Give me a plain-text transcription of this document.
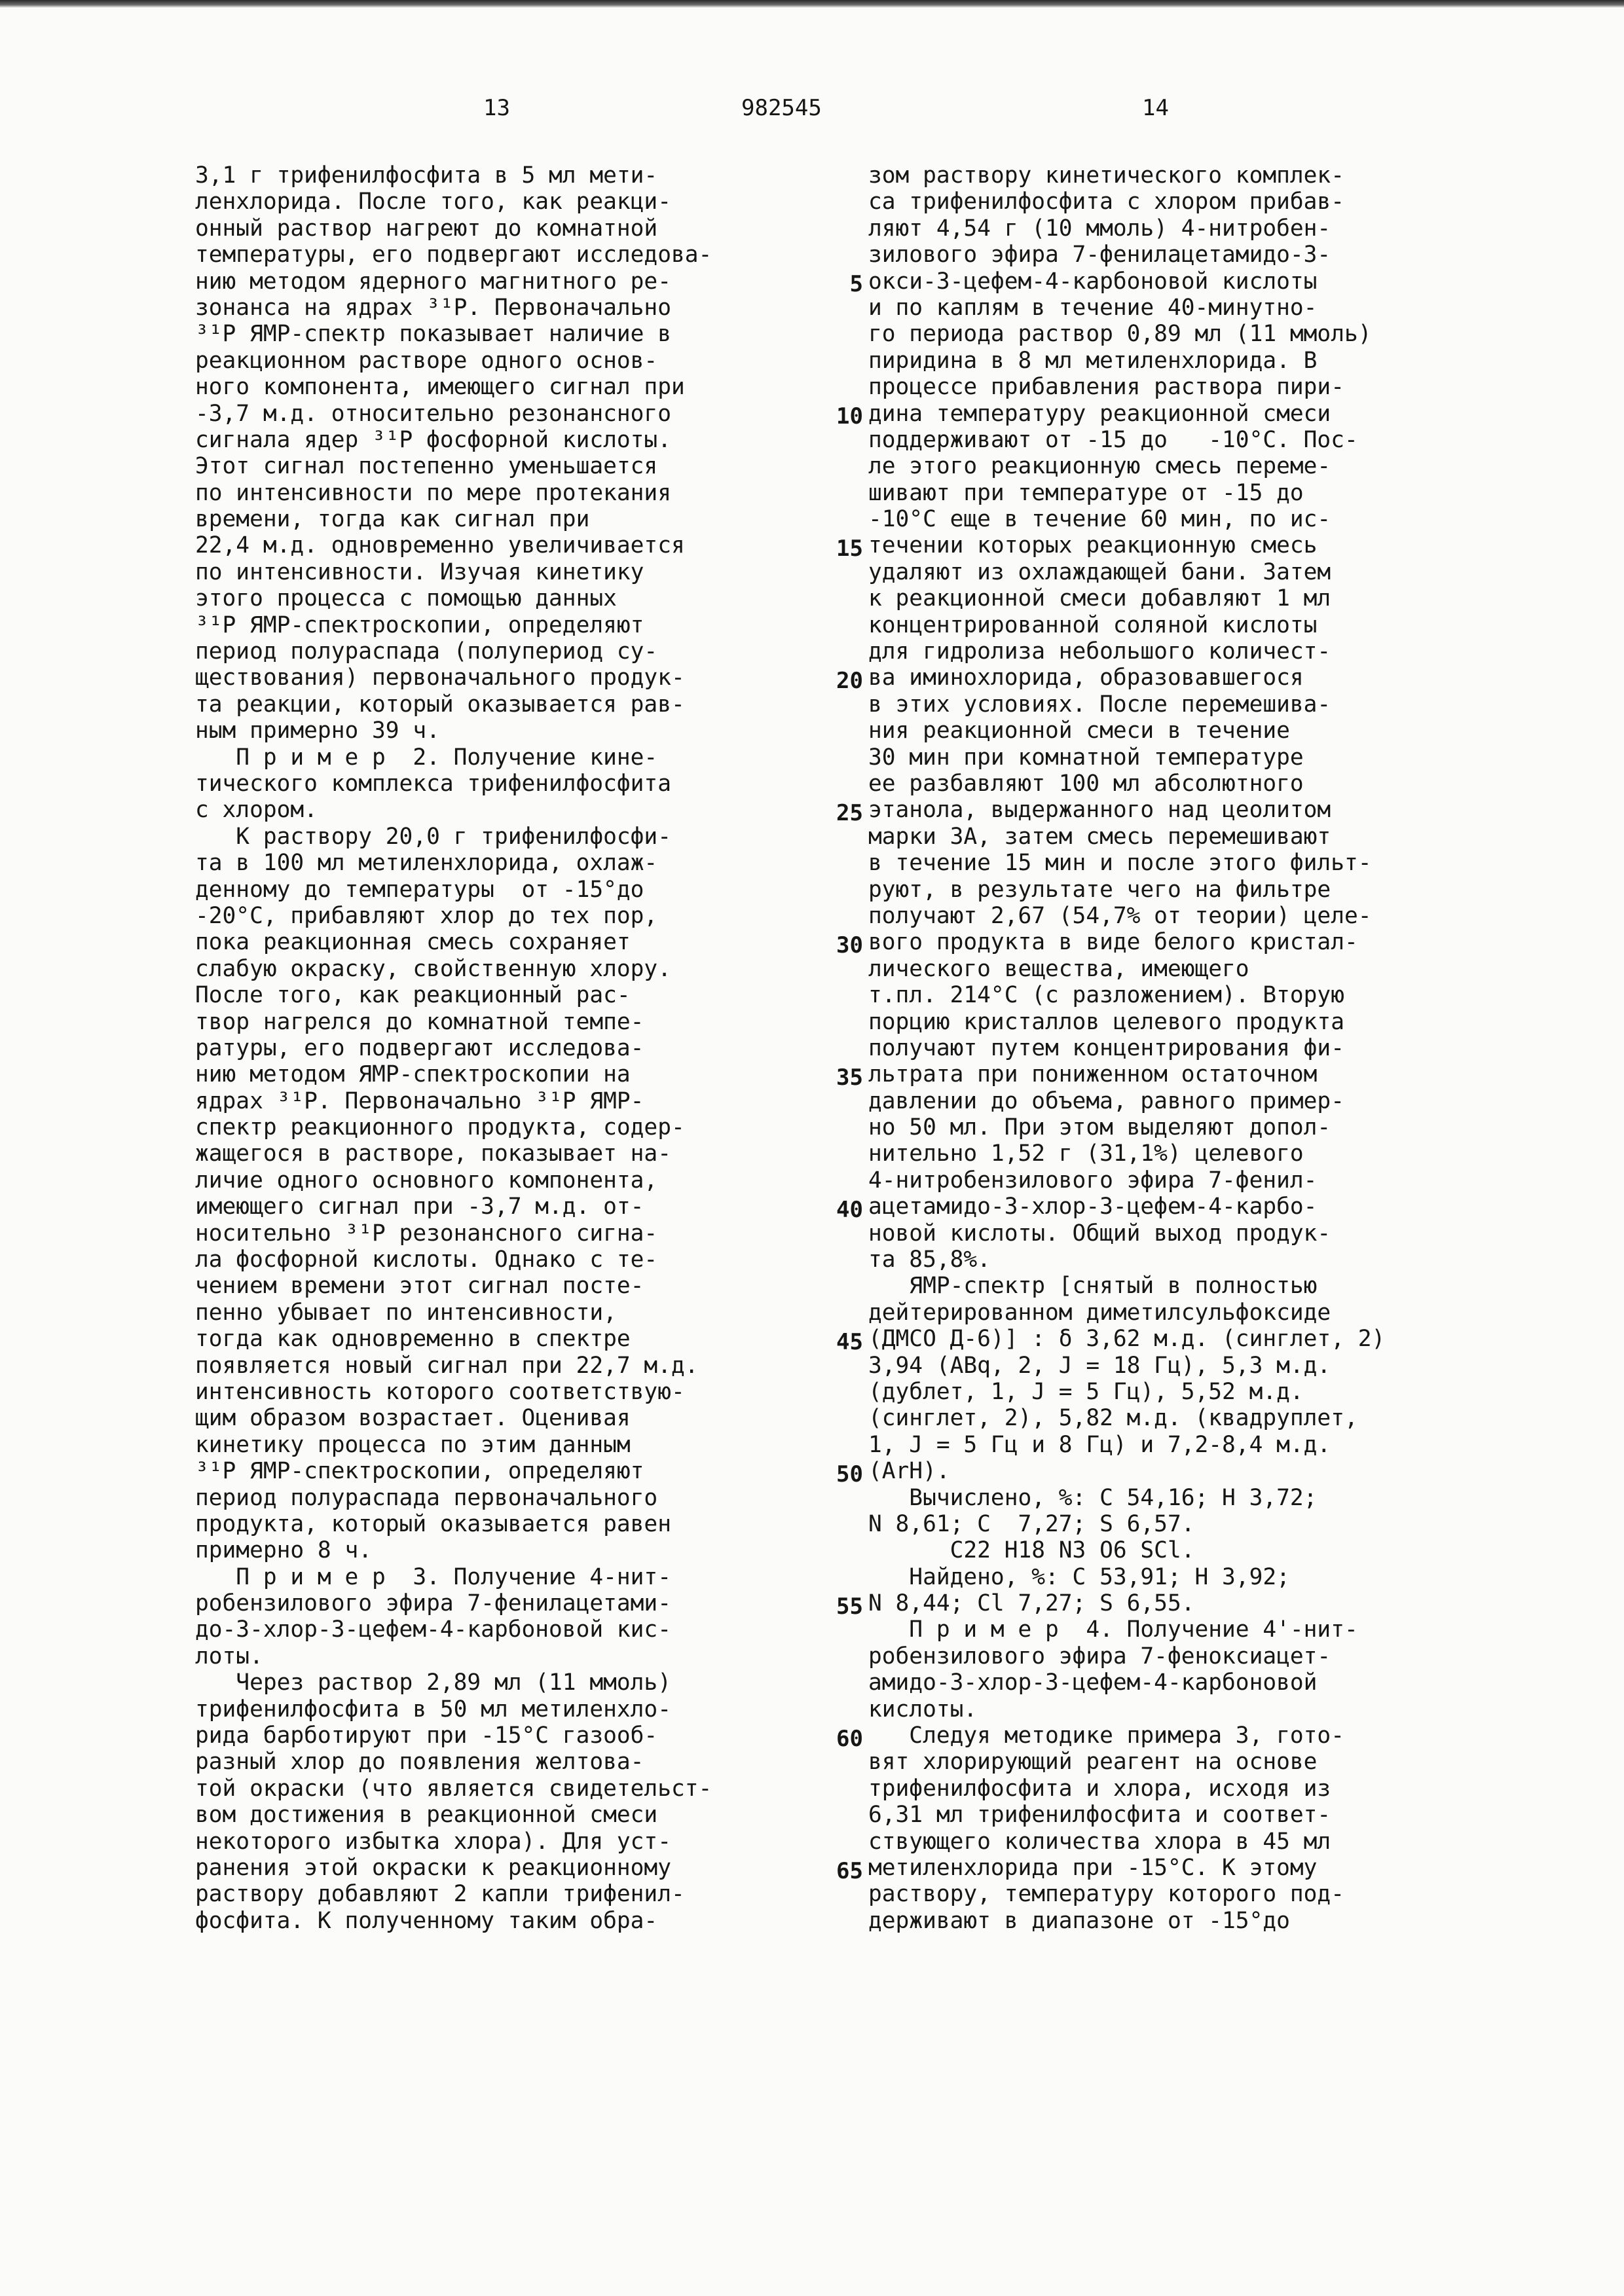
13	982545	14
3,1 г трифенилфосфита в 5 мл мети-
ленхлорида. После того, как реакци-
онный раствор нагреют до комнатной
температуры, его подвергают исследова-
нию методом ядерного магнитного ре-
зонанса на ядрах ³¹Р. Первоначально
³¹Р ЯМР-спектр показывает наличие в
реакционном растворе одного основ-
ного компонента, имеющего сигнал при
-3,7 м.д. относительно резонансного
сигнала ядер ³¹Р фосфорной кислоты.
Этот сигнал постепенно уменьшается
по интенсивности по мере протекания
времени, тогда как сигнал при
22,4 м.д. одновременно увеличивается
по интенсивности. Изучая кинетику
этого процесса с помощью данных
³¹Р ЯМР-спектроскопии, определяют
период полураспада (полупериод су-
ществования) первоначального продук-
та реакции, который оказывается рав-
ным примерно 39 ч.
П р и м е р  2. Получение кине-
тического комплекса трифенилфосфита
с хлором.
К раствору 20,0 г трифенилфосфи-
та в 100 мл метиленхлорида, охлаж-
денному до температуры  от -15°до
-20°С, прибавляют хлор до тех пор,
пока реакционная смесь сохраняет
слабую окраску, свойственную хлору.
После того, как реакционный рас-
твор нагрелся до комнатной темпе-
ратуры, его подвергают исследова-
нию методом ЯМР-спектроскопии на
ядрах ³¹Р. Первоначально ³¹Р ЯМР-
спектр реакционного продукта, содер-
жащегося в растворе, показывает на-
личие одного основного компонента,
имеющего сигнал при -3,7 м.д. от-
носительно ³¹Р резонансного сигна-
ла фосфорной кислоты. Однако с те-
чением времени этот сигнал посте-
пенно убывает по интенсивности,
тогда как одновременно в спектре
появляется новый сигнал при 22,7 м.д.
интенсивность которого соответствую-
щим образом возрастает. Оценивая
кинетику процесса по этим данным
³¹Р ЯМР-спектроскопии, определяют
период полураспада первоначального
продукта, который оказывается равен
примерно 8 ч.
П р и м е р  3. Получение 4-нит-
робензилового эфира 7-фенилацетами-
до-3-хлор-3-цефем-4-карбоновой кис-
лоты.
Через раствор 2,89 мл (11 ммоль)
трифенилфосфита в 50 мл метиленхло-
рида барботируют при -15°С газооб-
разный хлор до появления желтова-
той окраски (что является свидетельст-
вом достижения в реакционной смеси
некоторого избытка хлора). Для уст-
ранения этой окраски к реакционному
раствору добавляют 2 капли трифенил-
фосфита. К полученному таким обра-
5
10
15
20
25
30
35
40
45
50
55
60
65
зом раствору кинетического комплек-
са трифенилфосфита с хлором прибав-
ляют 4,54 г (10 ммоль) 4-нитробен-
зилового эфира 7-фенилацетамидо-3-
окси-3-цефем-4-карбоновой кислоты
и по каплям в течение 40-минутно-
го периода раствор 0,89 мл (11 ммоль)
пиридина в 8 мл метиленхлорида. В
процессе прибавления раствора пири-
дина температуру реакционной смеси
поддерживают от -15 до   -10°С. Пос-
ле этого реакционную смесь переме-
шивают при температуре от -15 до
-10°С еще в течение 60 мин, по ис-
течении которых реакционную смесь
удаляют из охлаждающей бани. Затем
к реакционной смеси добавляют 1 мл
концентрированной соляной кислоты
для гидролиза небольшого количест-
ва иминохлорида, образовавшегося
в этих условиях. После перемешива-
ния реакционной смеси в течение
30 мин при комнатной температуре
ее разбавляют 100 мл абсолютного
этанола, выдержанного над цеолитом
марки 3А, затем смесь перемешивают
в течение 15 мин и после этого фильт-
руют, в результате чего на фильтре
получают 2,67 (54,7% от теории) целе-
вого продукта в виде белого кристал-
лического вещества, имеющего
т.пл. 214°С (с разложением). Вторую
порцию кристаллов целевого продукта
получают путем концентрирования фи-
льтрата при пониженном остаточном
давлении до объема, равного пример-
но 50 мл. При этом выделяют допол-
нительно 1,52 г (31,1%) целевого
4-нитробензилового эфира 7-фенил-
ацетамидо-3-хлор-3-цефем-4-карбо-
новой кислоты. Общий выход продук-
та 85,8%.
ЯМР-спектр [снятый в полностью
дейтерированном диметилсульфоксиде
(ДМСО Д-6)] : δ 3,62 м.д. (синглет, 2)
3,94 (АВq, 2, J = 18 Гц), 5,3 м.д.
(дублет, 1, J = 5 Гц), 5,52 м.д.
(синглет, 2), 5,82 м.д. (квадруплет,
1, J = 5 Гц и 8 Гц) и 7,2-8,4 м.д.
(АrН).
Вычислено, %: С 54,16; Н 3,72;
N 8,61; С  7,27; S 6,57.
С22 Н18 N3 О6 SCl.
Найдено, %: С 53,91; Н 3,92;
N 8,44; Cl 7,27; S 6,55.
П р и м е р  4. Получение 4'-нит-
робензилового эфира 7-феноксиацет-
амидо-3-хлор-3-цефем-4-карбоновой
кислоты.
Следуя методике примера 3, гото-
вят хлорирующий реагент на основе
трифенилфосфита и хлора, исходя из
6,31 мл трифенилфосфита и соответ-
ствующего количества хлора в 45 мл
метиленхлорида при -15°С. К этому
раствору, температуру которого под-
держивают в диапазоне от -15°до
